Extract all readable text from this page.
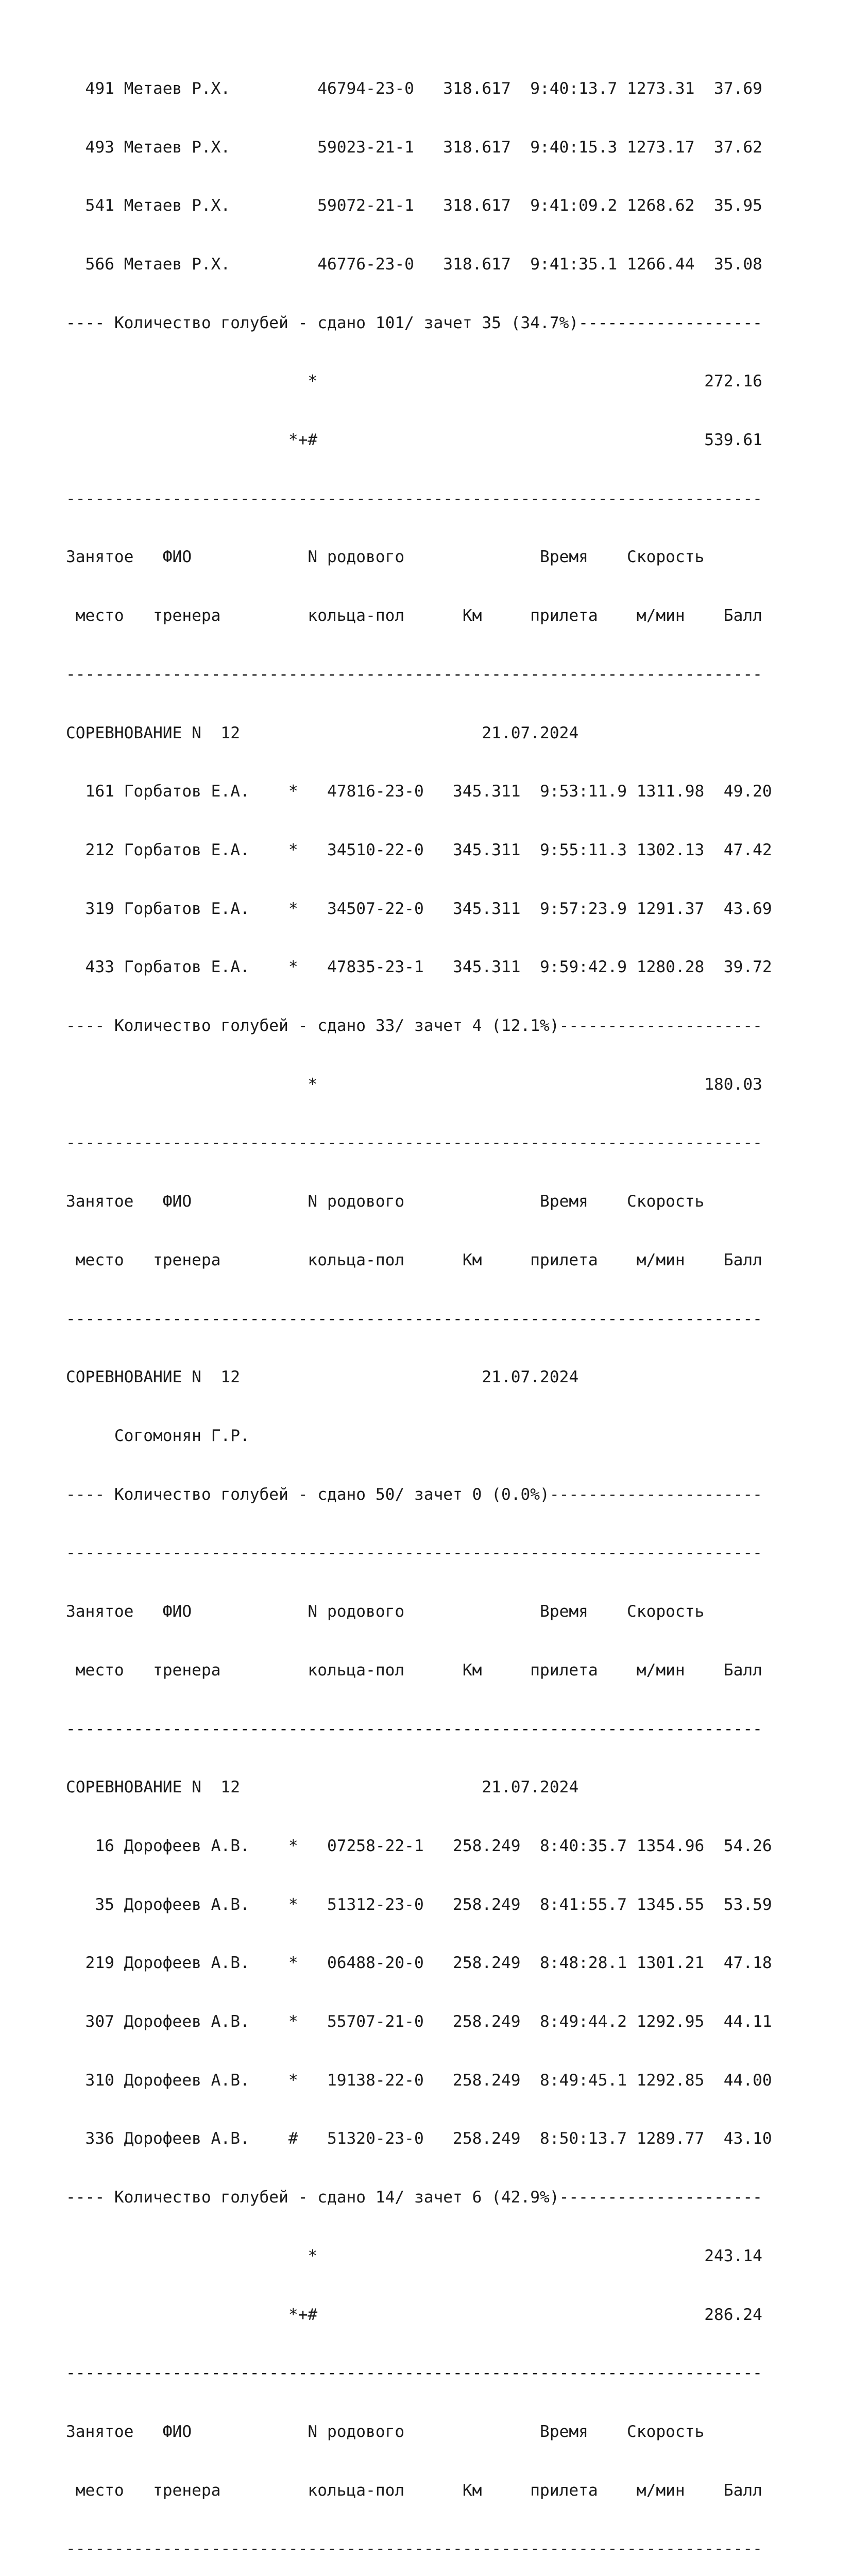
491 Метаев Р.Х.         46794-23-0   318.617  9:40:13.7 1273.31  37.69

493 Метаев Р.Х.         59023-21-1   318.617  9:40:15.3 1273.17  37.62

541 Метаев Р.Х.         59072-21-1   318.617  9:41:09.2 1268.62  35.95

566 Метаев Р.Х.         46776-23-0   318.617  9:41:35.1 1266.44  35.08

---- Количество голубей - сдано 101/ зачет 35 (34.7%)-------------------

*                                        272.16

*+#                                        539.61

------------------------------------------------------------------------

Занятое   ФИО            N родового              Время    Скорость

место   тренера         кольца-пол      Км     прилета    м/мин    Балл

------------------------------------------------------------------------

СОРЕВНОВАНИЕ N  12                         21.07.2024

161 Горбатов Е.А.    *   47816-23-0   345.311  9:53:11.9 1311.98  49.20

212 Горбатов Е.А.    *   34510-22-0   345.311  9:55:11.3 1302.13  47.42

319 Горбатов Е.А.    *   34507-22-0   345.311  9:57:23.9 1291.37  43.69

433 Горбатов Е.А.    *   47835-23-1   345.311  9:59:42.9 1280.28  39.72

---- Количество голубей - сдано 33/ зачет 4 (12.1%)---------------------

*                                        180.03

------------------------------------------------------------------------

Занятое   ФИО            N родового              Время    Скорость

место   тренера         кольца-пол      Км     прилета    м/мин    Балл

------------------------------------------------------------------------

СОРЕВНОВАНИЕ N  12                         21.07.2024

Согомонян Г.Р.

---- Количество голубей - сдано 50/ зачет 0 (0.0%)----------------------

------------------------------------------------------------------------

Занятое   ФИО            N родового              Время    Скорость

место   тренера         кольца-пол      Км     прилета    м/мин    Балл

------------------------------------------------------------------------

СОРЕВНОВАНИЕ N  12                         21.07.2024

16 Дорофеев А.В.    *   07258-22-1   258.249  8:40:35.7 1354.96  54.26

35 Дорофеев А.В.    *   51312-23-0   258.249  8:41:55.7 1345.55  53.59

219 Дорофеев А.В.    *   06488-20-0   258.249  8:48:28.1 1301.21  47.18

307 Дорофеев А.В.    *   55707-21-0   258.249  8:49:44.2 1292.95  44.11

310 Дорофеев А.В.    *   19138-22-0   258.249  8:49:45.1 1292.85  44.00

336 Дорофеев А.В.    #   51320-23-0   258.249  8:50:13.7 1289.77  43.10

---- Количество голубей - сдано 14/ зачет 6 (42.9%)---------------------

*                                        243.14

*+#                                        286.24

------------------------------------------------------------------------

Занятое   ФИО            N родового              Время    Скорость

место   тренера         кольца-пол      Км     прилета    м/мин    Балл

------------------------------------------------------------------------
